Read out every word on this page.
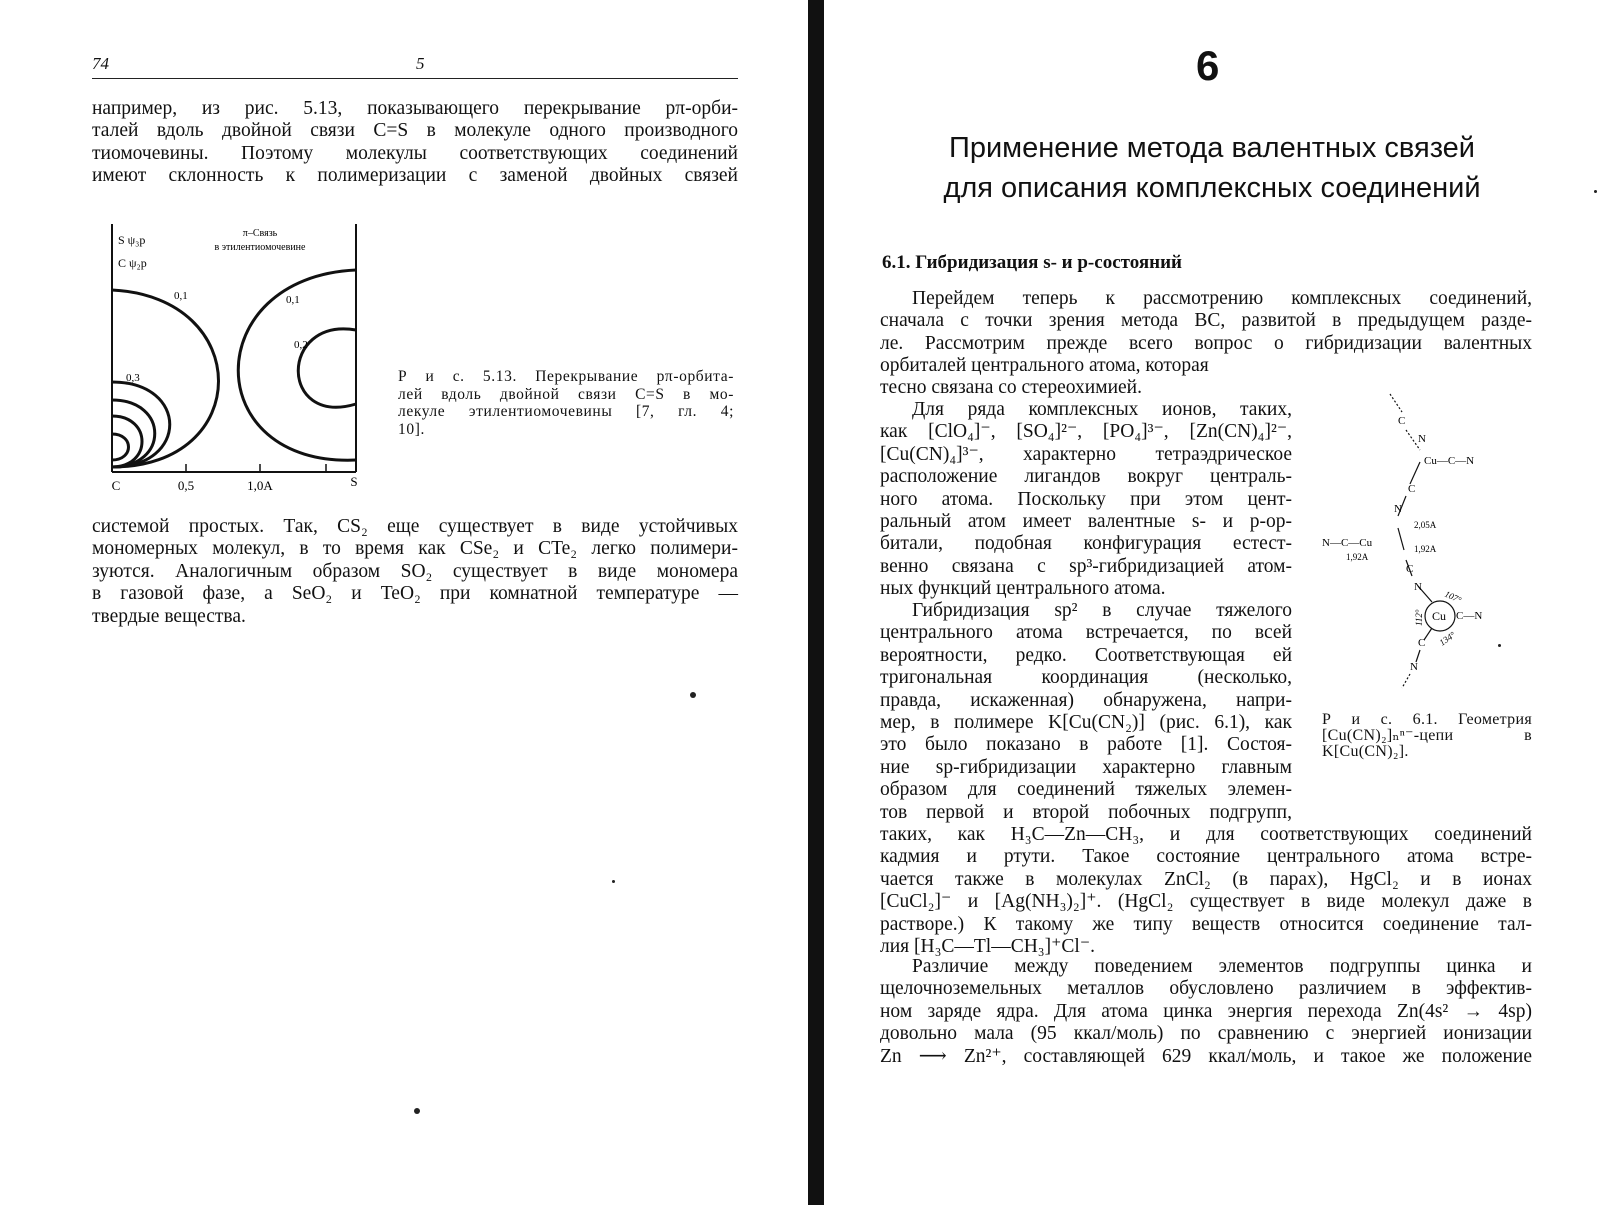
74	5
например, из рис. 5.13, показывающего перекрывание pπ-орби-
талей вдоль двойной связи C=S в молекуле одного производного
тиомочевины. Поэтому молекулы соответствующих соединений
имеют склонность к полимеризации с заменой двойных связей
S ψ₃p
C ψ₂p
π–Связь
в этилентиомочевине
0,1
0,3
0,1
0,2
C	0,5	1,0A	S
Р и с. 5.13. Перекрывание pπ-орбита-
лей вдоль двойной связи C=S в мо-
лекуле этилентиомочевины [7, гл. 4;
10].
системой простых. Так, CS₂ еще существует в виде устойчивых
мономерных молекул, в то время как CSe₂ и CTe₂ легко полимери-
зуются. Аналогичным образом SO₂ существует в виде мономера
в газовой фазе, а SeO₂ и TeO₂ при комнатной температуре —
твердые вещества.
6
Применение метода валентных связей
для описания комплексных соединений
6.1. Гибридизация s- и p-состояний
Перейдем теперь к рассмотрению комплексных соединений,
сначала с точки зрения метода ВС, развитой в предыдущем разде-
ле. Рассмотрим прежде всего вопрос о гибридизации валентных
орбиталей центрального атома, которая
тесно связана со стереохимией.
Для ряда комплексных ионов, таких,
как [ClO₄]⁻, [SO₄]²⁻, [PO₄]³⁻, [Zn(CN)₄]²⁻,
[Cu(CN)₄]³⁻, характерно тетраэдрическое
расположение лигандов вокруг централь-
ного атома. Поскольку при этом цент-
ральный атом имеет валентные s- и p-ор-
битали, подобная конфигурация естест-
венно связана с sp³-гибридизацией атом-
ных функций центрального атома.
Гибридизация sp² в случае тяжелого
центрального атома встречается, по всей
вероятности, редко. Соответствующая ей
тригональная координация (несколько,
правда, искаженная) обнаружена, напри-
мер, в полимере K[Cu(CN₂)] (рис. 6.1), как
это было показано в работе [1]. Состоя-
ние sp-гибридизации характерно главным
образом для соединений тяжелых элемен-
тов первой и второй побочных подгрупп,
таких, как H₃C—Zn—CH₃, и для соответствующих соединений
кадмия и ртути. Такое состояние центрального атома встре-
чается также в молекулах ZnCl₂ (в парах), HgCl₂ и в ионах
[CuCl₂]⁻ и [Ag(NH₃)₂]⁺. (HgCl₂ существует в виде молекул даже в
растворе.) К такому же типу веществ относится соединение тал-
лия [H₃C—Tl—CH₃]⁺Cl⁻.
Различие между поведением элементов подгруппы цинка и
щелочноземельных металлов обусловлено различием в эффектив-
ном заряде ядра. Для атома цинка энергия перехода Zn(4s² → 4sp)
довольно мала (95 ккал/моль) по сравнению с энергией ионизации
Zn ⟶ Zn²⁺, составляющей 629 ккал/моль, и такое же положение
C
N
Cu—C—N
C
N
2,05A
N—C—Cu
1,92A
1,92A
C
N
107°
Cu C—N
112°
134°
C
N
Р и с. 6.1. Геометрия
[Cu(CN)₂]ₙⁿ⁻-цепи в
K[Cu(CN)₂].
